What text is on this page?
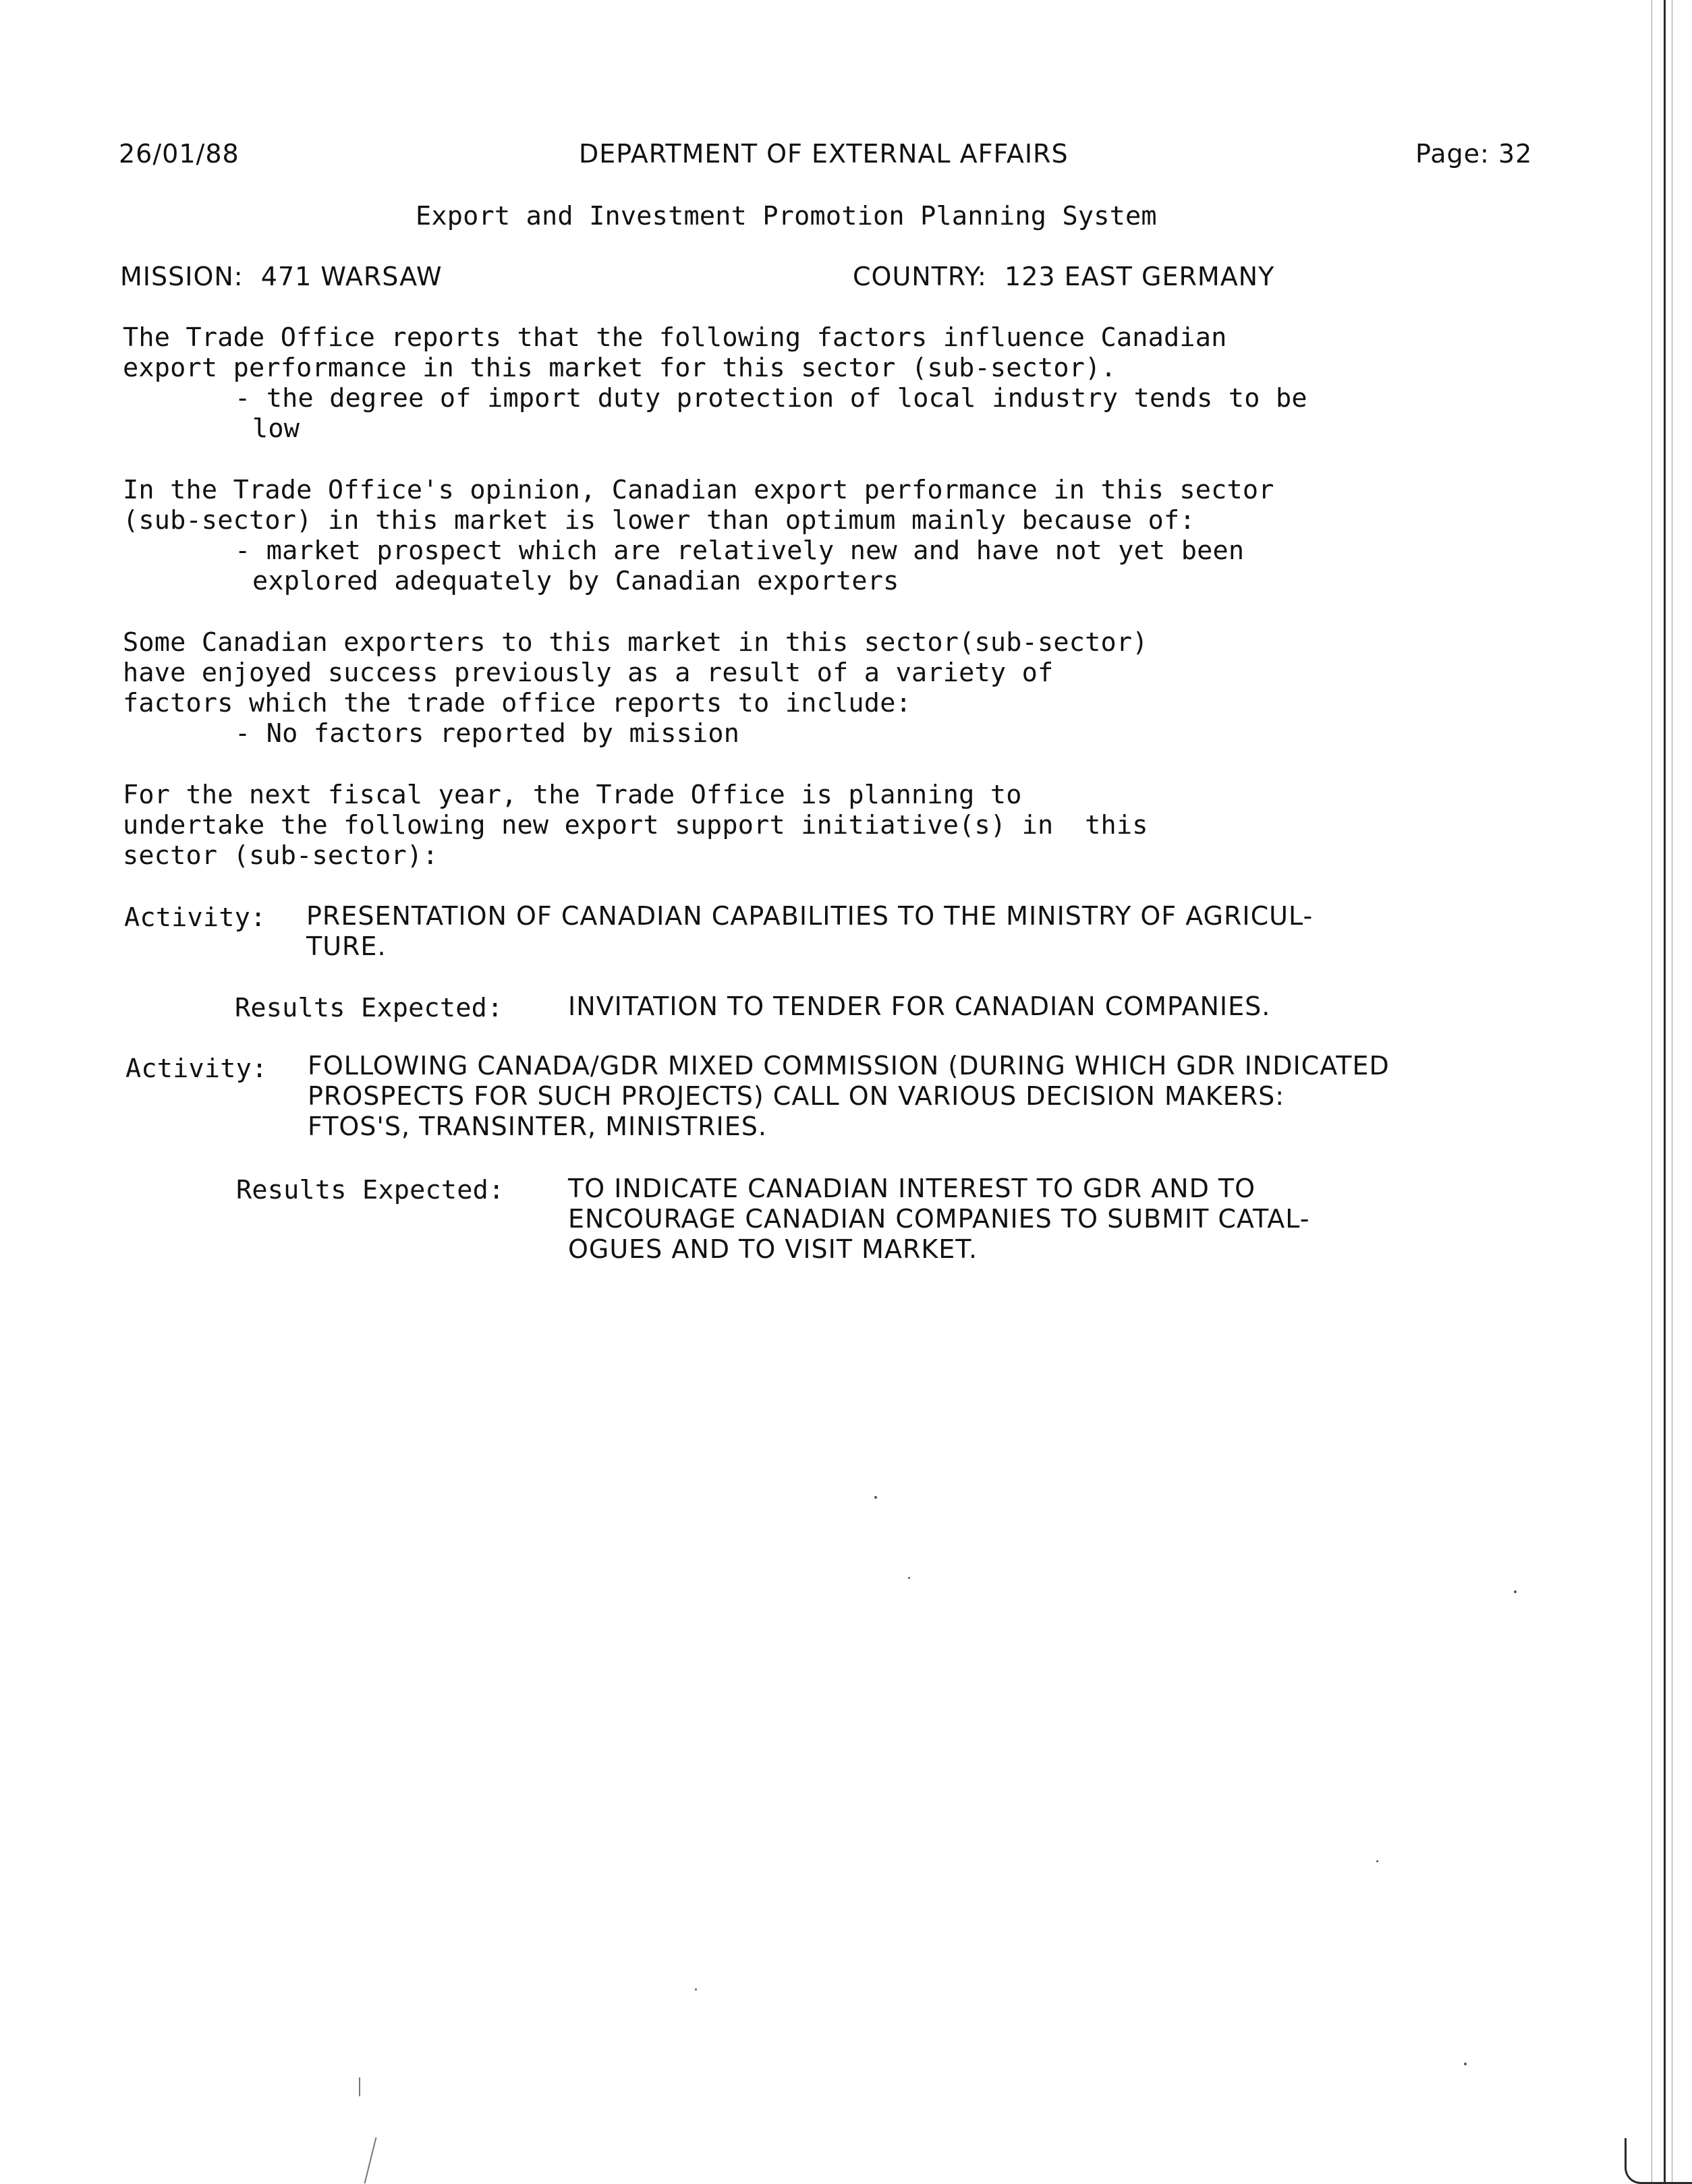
26/01/88	DEPARTMENT OF EXTERNAL AFFAIRS	Page: 32
Export and Investment Promotion Planning System
MISSION: 471 WARSAW	COUNTRY: 123 EAST GERMANY
The Trade Office reports that the following factors influence Canadian
export performance in this market for this sector (sub-sector).
- the degree of import duty protection of local industry tends to be
low
In the Trade Office's opinion, Canadian export performance in this sector
(sub-sector) in this market is lower than optimum mainly because of:
- market prospect which are relatively new and have not yet been
explored adequately by Canadian exporters
Some Canadian exporters to this market in this sector(sub-sector)
have enjoyed success previously as a result of a variety of
factors which the trade office reports to include:
- No factors reported by mission
For the next fiscal year, the Trade Office is planning to
undertake the following new export support initiative(s) in  this
sector (sub-sector):
Activity: PRESENTATION OF CANADIAN CAPABILITIES TO THE MINISTRY OF AGRICUL-
TURE.
Results Expected:	INVITATION TO TENDER FOR CANADIAN COMPANIES.
Activity: FOLLOWING CANADA/GDR MIXED COMMISSION (DURING WHICH GDR INDICATED
PROSPECTS FOR SUCH PROJECTS) CALL ON VARIOUS DECISION MAKERS:
FTOS'S, TRANSINTER, MINISTRIES.
Results Expected: TO INDICATE CANADIAN INTEREST TO GDR AND TO
ENCOURAGE CANADIAN COMPANIES TO SUBMIT CATAL-
OGUES AND TO VISIT MARKET.
